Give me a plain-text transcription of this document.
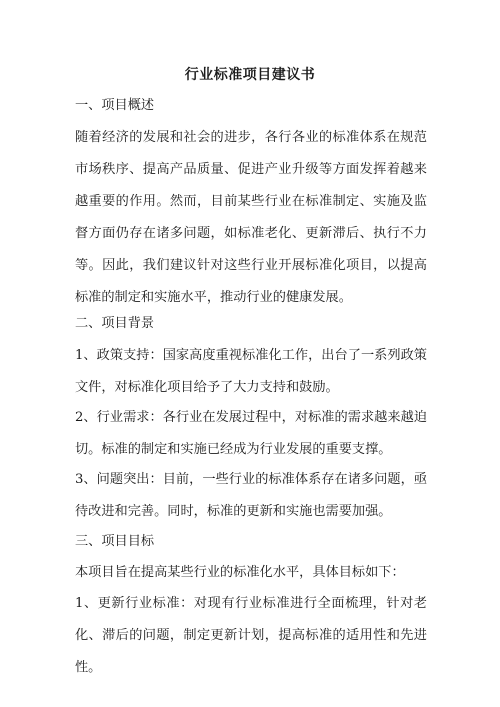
行业标准项目建议书
一、项目概述
随着经济的发展和社会的进步，各行各业的标准体系在规范市场秩序、提高产品质量、促进产业升级等方面发挥着越来越重要的作用。然而，目前某些行业在标准制定、实施及监督方面仍存在诸多问题，如标准老化、更新滞后、执行不力等。因此，我们建议针对这些行业开展标准化项目，以提高标准的制定和实施水平，推动行业的健康发展。
二、项目背景
1、政策支持：国家高度重视标准化工作，出台了一系列政策文件，对标准化项目给予了大力支持和鼓励。
2、行业需求：各行业在发展过程中，对标准的需求越来越迫切。标准的制定和实施已经成为行业发展的重要支撑。
3、问题突出：目前，一些行业的标准体系存在诸多问题，亟待改进和完善。同时，标准的更新和实施也需要加强。
三、项目目标
本项目旨在提高某些行业的标准化水平，具体目标如下：
1、更新行业标准：对现有行业标准进行全面梳理，针对老化、滞后的问题，制定更新计划，提高标准的适用性和先进性。
